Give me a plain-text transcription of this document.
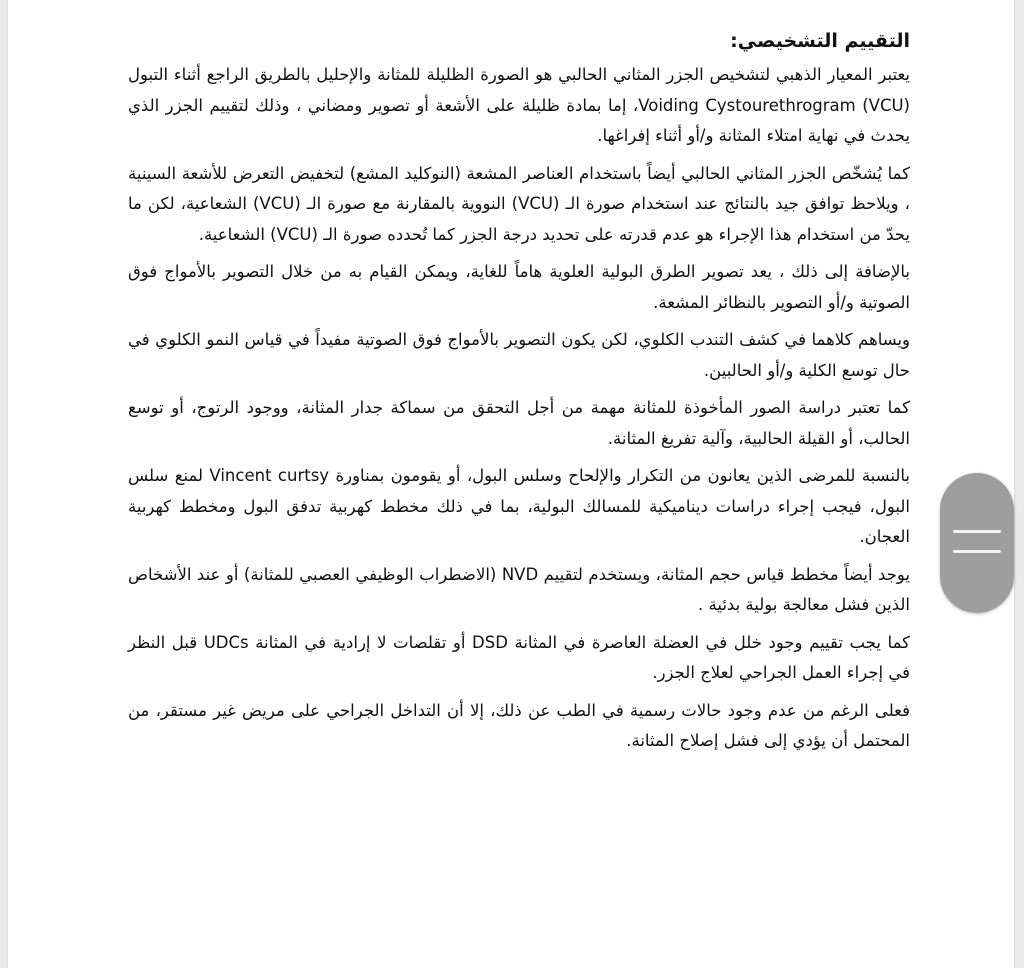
التقييم التشخيصي:

يعتبر المعيار الذهبي لتشخيص الجزر المثاني الحالبي هو الصورة الظليلة للمثانة والإحليل بالطريق الراجع أثناء التبول (Voiding Cystourethrogram (VCU، إما بمادة ظليلة على الأشعة أو تصوير ومضاني ، وذلك لتقييم الجزر الذي يحدث في نهاية امتلاء المثانة و/أو أثناء إفراغها.

كما يُشخّص الجزر المثاني الحالبي أيضاً باستخدام العناصر المشعة (النوكليد المشع) لتخفيض التعرض للأشعة السينية ، ويلاحظ توافق جيد بالنتائج عند استخدام صورة الـ (VCU) النووية بالمقارنة مع صورة الـ (VCU) الشعاعية، لكن ما يحدّ من استخدام هذا الإجراء هو عدم قدرته على تحديد درجة الجزر كما تُحدده صورة الـ (VCU) الشعاعية.

بالإضافة إلى ذلك ، يعد تصوير الطرق البولية العلوية هاماً للغاية، ويمكن القيام به من خلال التصوير بالأمواج فوق الصوتية و/أو التصوير بالنظائر المشعة.

ويساهم كلاهما في كشف التندب الكلوي، لكن يكون التصوير بالأمواج فوق الصوتية مفيداً في قياس النمو الكلوي في حال توسع الكلية و/أو الحالبين.

كما تعتبر دراسة الصور المأخوذة للمثانة مهمة من أجل التحقق من سماكة جدار المثانة، ووجود الرتوج، أو توسع الحالب، أو القيلة الحالبية، وآلية تفريغ المثانة.

بالنسبة للمرضى الذين يعانون من التكرار والإلحاح وسلس البول، أو يقومون بمناورة Vincent curtsy لمنع سلس البول، فيجب إجراء دراسات ديناميكية للمسالك البولية، بما في ذلك مخطط كهربية تدفق البول ومخطط كهربية العجان.

يوجد أيضاً مخطط قياس حجم المثانة، ويستخدم لتقييم NVD (الاضطراب الوظيفي العصبي للمثانة) أو عند الأشخاص الذين فشل معالجة بولية بدئية .

كما يجب تقييم وجود خلل في العضلة العاصرة في المثانة DSD أو تقلصات لا إرادية في المثانة UDCs قبل النظر في إجراء العمل الجراحي لعلاج الجزر.

فعلى الرغم من عدم وجود حالات رسمية في الطب عن ذلك، إلا أن التداخل الجراحي على مريض غير مستقر، من المحتمل أن يؤدي إلى فشل إصلاح المثانة.
